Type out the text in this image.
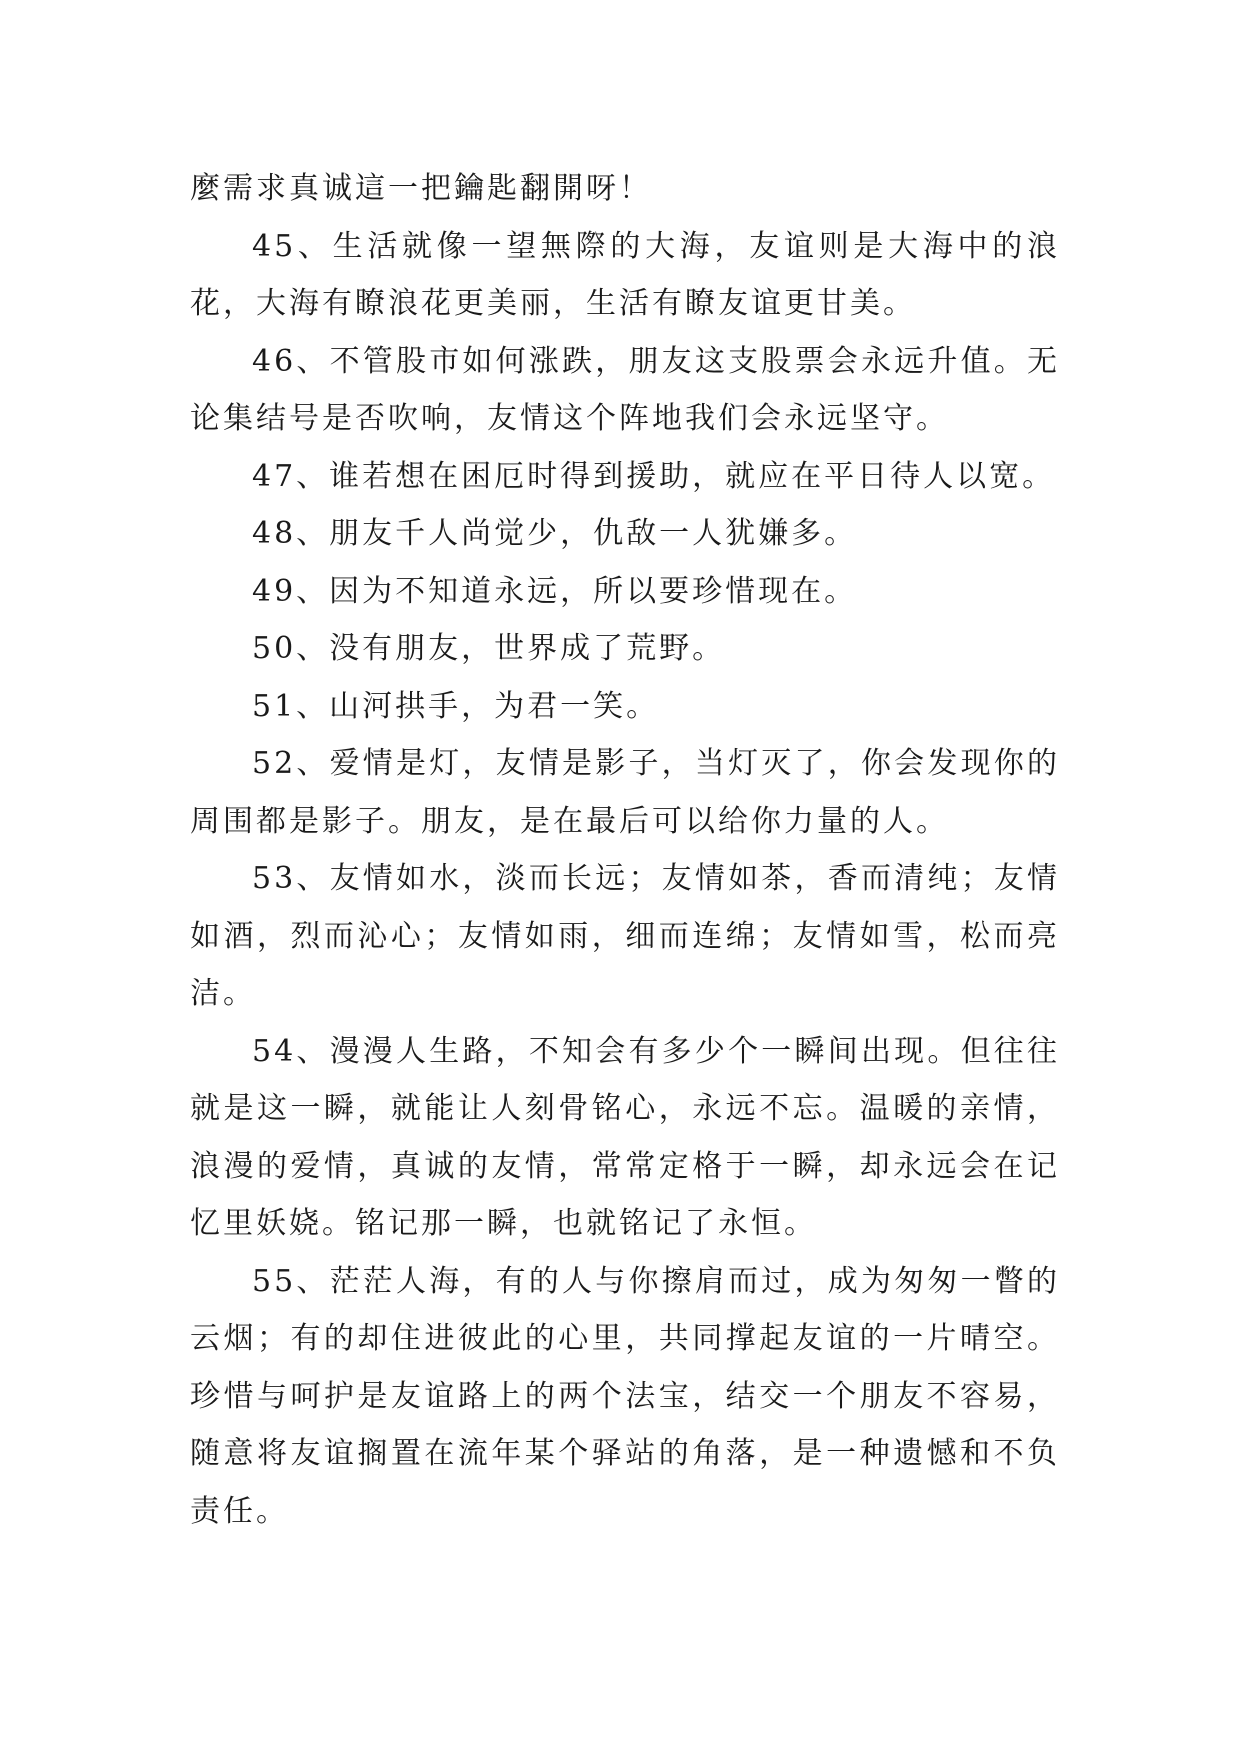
麼需求真诚這一把鑰匙翻開呀！

45、生活就像一望無際的大海，友谊则是大海中的浪花，大海有瞭浪花更美丽，生活有瞭友谊更甘美。

46、不管股市如何涨跌，朋友这支股票会永远升值。无论集结号是否吹响，友情这个阵地我们会永远坚守。

47、谁若想在困厄时得到援助，就应在平日待人以宽。

48、朋友千人尚觉少，仇敌一人犹嫌多。

49、因为不知道永远，所以要珍惜现在。

50、没有朋友，世界成了荒野。

51、山河拱手，为君一笑。

52、爱情是灯，友情是影子，当灯灭了，你会发现你的周围都是影子。朋友，是在最后可以给你力量的人。

53、友情如水，淡而长远；友情如茶，香而清纯；友情如酒，烈而沁心；友情如雨，细而连绵；友情如雪，松而亮洁。

54、漫漫人生路，不知会有多少个一瞬间出现。但往往就是这一瞬，就能让人刻骨铭心，永远不忘。温暖的亲情，浪漫的爱情，真诚的友情，常常定格于一瞬，却永远会在记忆里妖娆。铭记那一瞬，也就铭记了永恒。

55、茫茫人海，有的人与你擦肩而过，成为匆匆一瞥的云烟；有的却住进彼此的心里，共同撑起友谊的一片晴空。珍惜与呵护是友谊路上的两个法宝，结交一个朋友不容易，随意将友谊搁置在流年某个驿站的角落，是一种遗憾和不负责任。
